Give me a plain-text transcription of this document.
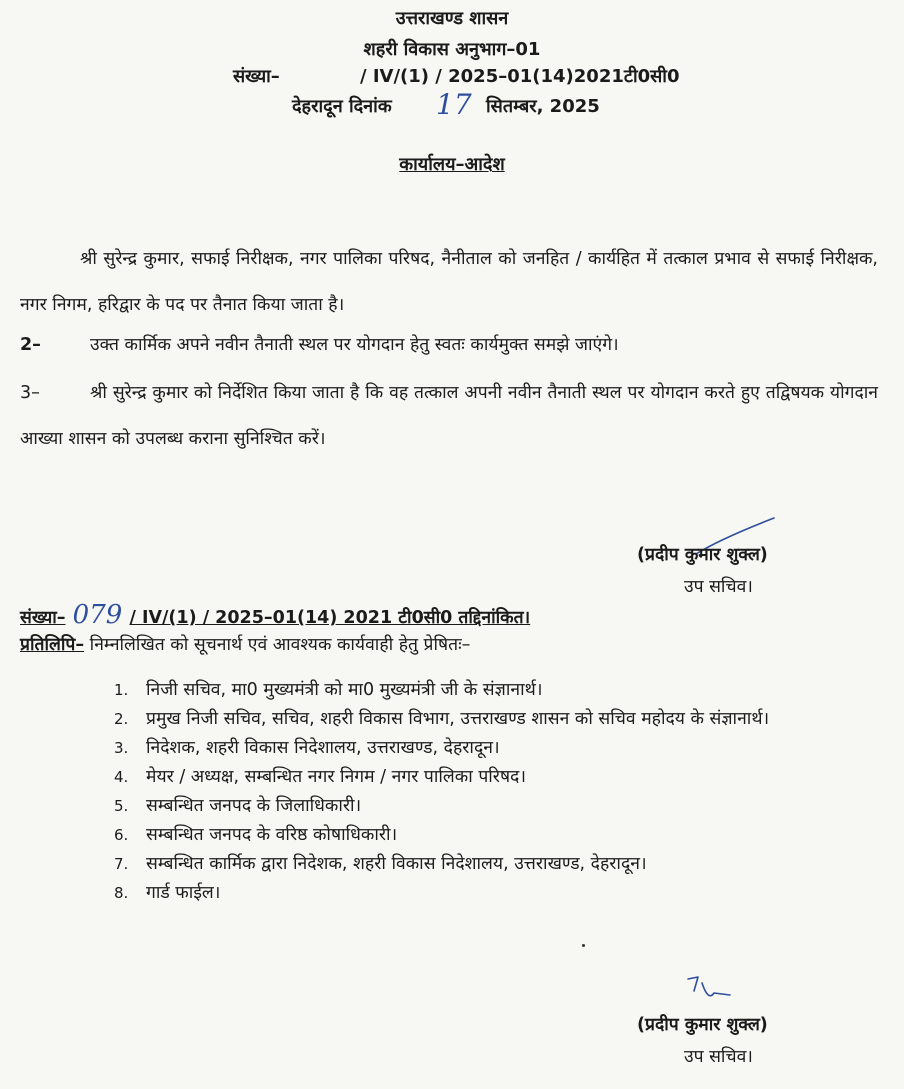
उत्तराखण्ड शासन
शहरी विकास अनुभाग–01
संख्या–	/ IV/(1) / 2025–01(14)2021टी0सी0
देहरादून दिनांक 17 सितम्बर, 2025
कार्यालय–आदेश
श्री सुरेन्द्र कुमार, सफाई निरीक्षक, नगर पालिका परिषद, नैनीताल को जनहित / कार्यहित में तत्काल प्रभाव से सफाई निरीक्षक, नगर निगम, हरिद्वार के पद पर तैनात किया जाता है।
2–	उक्त कार्मिक अपने नवीन तैनाती स्थल पर योगदान हेतु स्वतः कार्यमुक्त समझे जाएंगे।
3–	श्री सुरेन्द्र कुमार को निर्देशित किया जाता है कि वह तत्काल अपनी नवीन तैनाती स्थल पर योगदान करते हुए तद्विषयक योगदान आख्या शासन को उपलब्ध कराना सुनिश्चित करें।
(प्रदीप कुमार शुक्ल)
उप सचिव।
संख्या– 079 / IV/(1) / 2025–01(14) 2021 टी0सी0 तद्दिनांकित।
प्रतिलिपि– निम्नलिखित को सूचनार्थ एवं आवश्यक कार्यवाही हेतु प्रेषितः–
1. निजी सचिव, मा0 मुख्यमंत्री को मा0 मुख्यमंत्री जी के संज्ञानार्थ।
2. प्रमुख निजी सचिव, सचिव, शहरी विकास विभाग, उत्तराखण्ड शासन को सचिव महोदय के संज्ञानार्थ।
3. निदेशक, शहरी विकास निदेशालय, उत्तराखण्ड, देहरादून।
4. मेयर / अध्यक्ष, सम्बन्धित नगर निगम / नगर पालिका परिषद।
5. सम्बन्धित जनपद के जिलाधिकारी।
6. सम्बन्धित जनपद के वरिष्ठ कोषाधिकारी।
7. सम्बन्धित कार्मिक द्वारा निदेशक, शहरी विकास निदेशालय, उत्तराखण्ड, देहरादून।
8. गार्ड फाईल।
(प्रदीप कुमार शुक्ल)
उप सचिव।
